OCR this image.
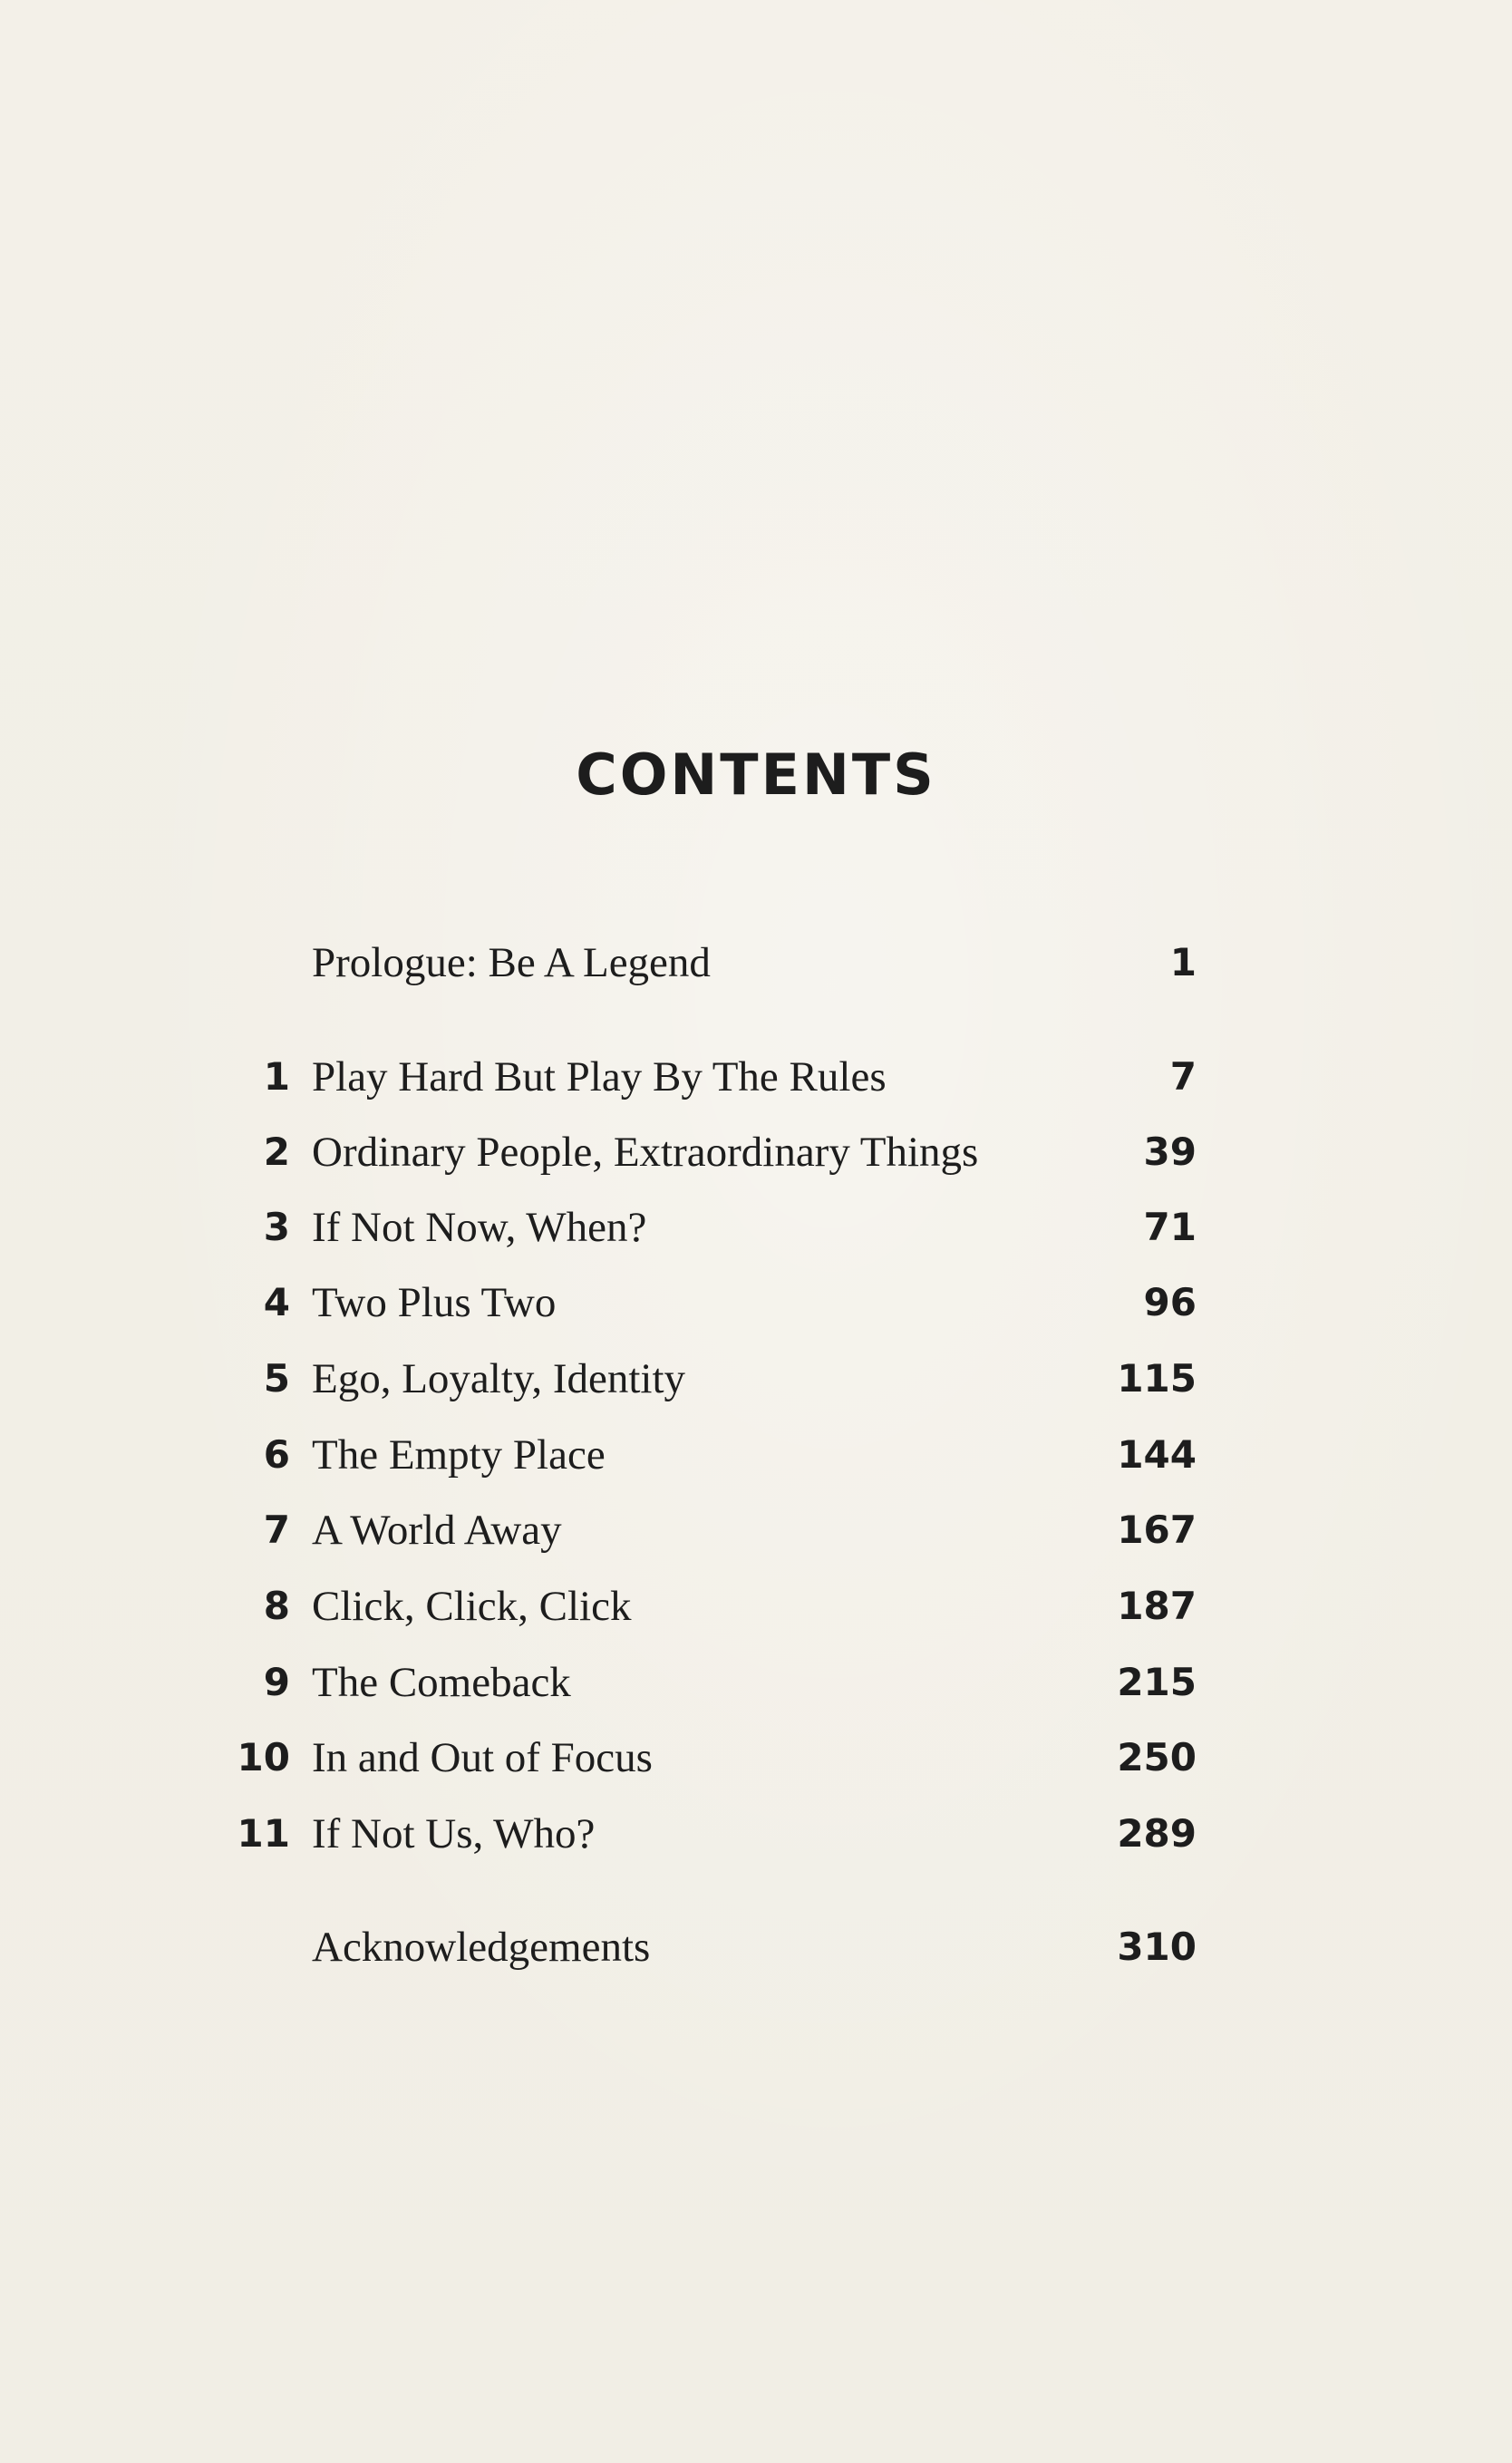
CONTENTS
Prologue: Be A Legend	1
1 Play Hard But Play By The Rules	7
2 Ordinary People, Extraordinary Things	39
3 If Not Now, When?	71
4 Two Plus Two	96
5 Ego, Loyalty, Identity	115
6 The Empty Place	144
7 A World Away	167
8 Click, Click, Click	187
9 The Comeback	215
10 In and Out of Focus	250
11 If Not Us, Who?	289
Acknowledgements	310
